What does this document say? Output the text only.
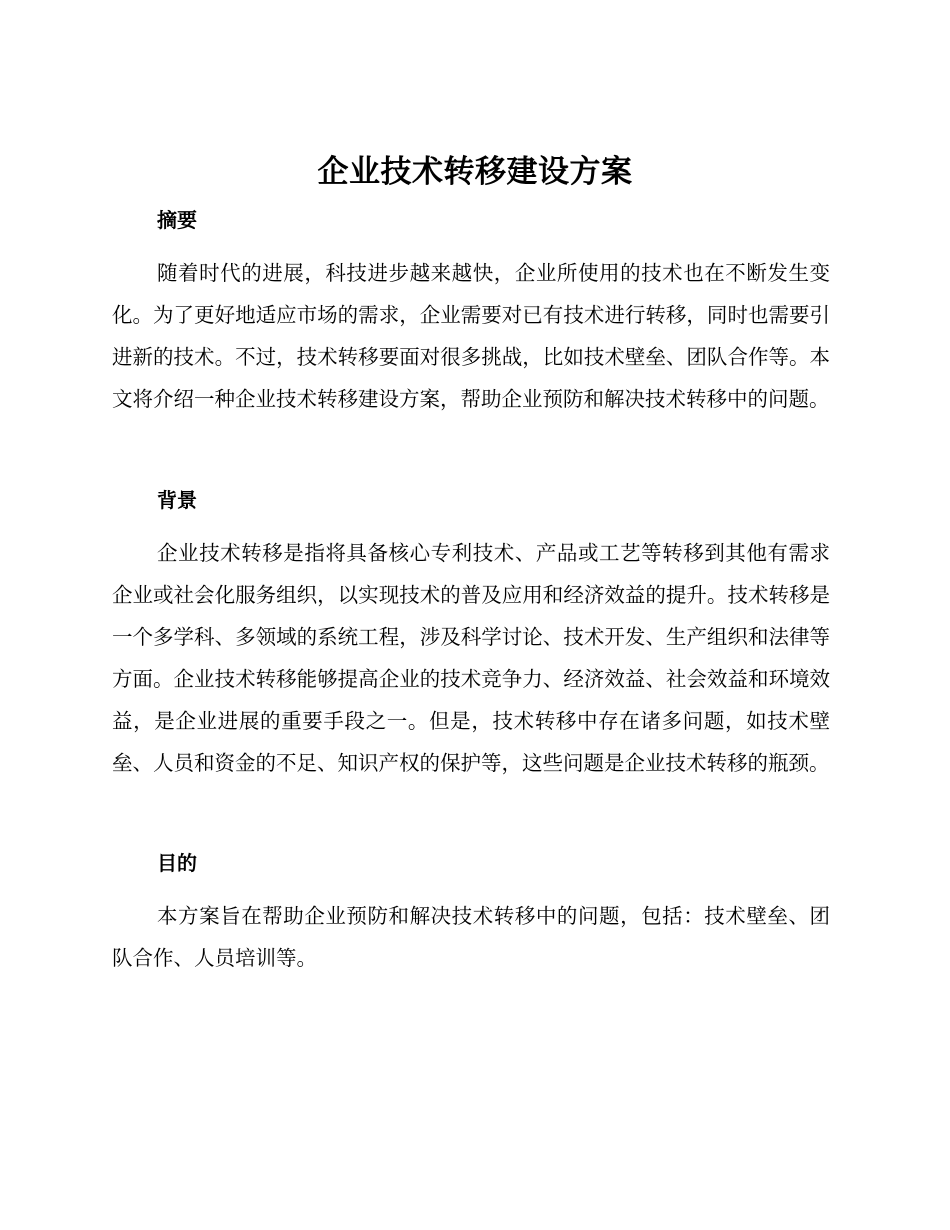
企业技术转移建设方案
摘要

随着时代的进展，科技进步越来越快，企业所使用的技术也在不断发生变化。为了更好地适应市场的需求，企业需要对已有技术进行转移，同时也需要引进新的技术。不过，技术转移要面对很多挑战，比如技术壁垒、团队合作等。本文将介绍一种企业技术转移建设方案，帮助企业预防和解决技术转移中的问题。

背景

企业技术转移是指将具备核心专利技术、产品或工艺等转移到其他有需求企业或社会化服务组织，以实现技术的普及应用和经济效益的提升。技术转移是一个多学科、多领域的系统工程，涉及科学讨论、技术开发、生产组织和法律等方面。企业技术转移能够提高企业的技术竞争力、经济效益、社会效益和环境效益，是企业进展的重要手段之一。但是，技术转移中存在诸多问题，如技术壁垒、人员和资金的不足、知识产权的保护等，这些问题是企业技术转移的瓶颈。

目的

本方案旨在帮助企业预防和解决技术转移中的问题，包括：技术壁垒、团队合作、人员培训等。
